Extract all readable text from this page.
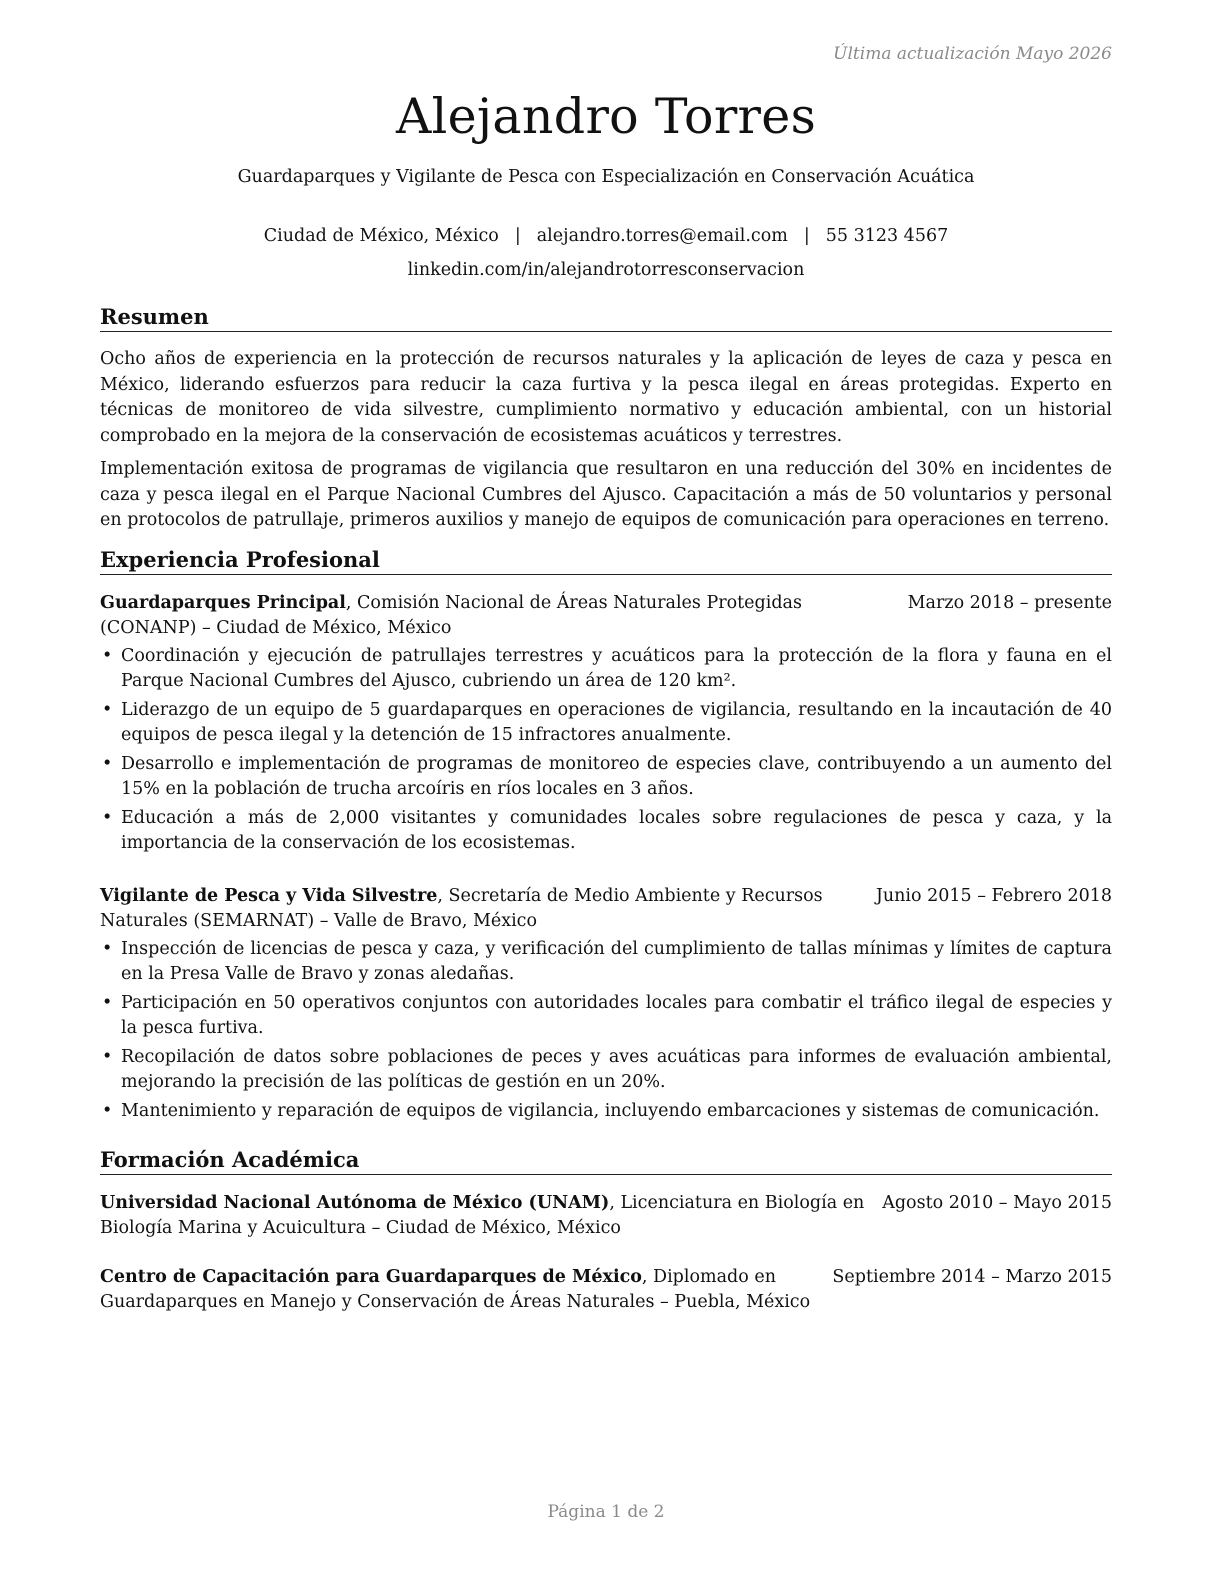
Última actualización Mayo 2026
Alejandro Torres
Guardaparques y Vigilante de Pesca con Especialización en Conservación Acuática
Ciudad de México, México | alejandro.torres@email.com | 55 3123 4567
linkedin.com/in/alejandrotorresconservacion
Resumen

Ocho años de experiencia en la protección de recursos naturales y la aplicación de leyes de caza y pesca en México, liderando esfuerzos para reducir la caza furtiva y la pesca ilegal en áreas protegidas. Experto en técnicas de monitoreo de vida silvestre, cumplimiento normativo y educación ambiental, con un historial comprobado en la mejora de la conservación de ecosistemas acuáticos y terrestres.

Implementación exitosa de programas de vigilancia que resultaron en una reducción del 30% en incidentes de caza y pesca ilegal en el Parque Nacional Cumbres del Ajusco. Capacitación a más de 50 voluntarios y personal en protocolos de patrullaje, primeros auxilios y manejo de equipos de comunicación para operaciones en terreno.

Experiencia Profesional
Marzo 2018 – presente
Guardaparques Principal, Comisión Nacional de Áreas Naturales Protegidas (CONANP) – Ciudad de México, México
• Coordinación y ejecución de patrullajes terrestres y acuáticos para la protección de la flora y fauna en el Parque Nacional Cumbres del Ajusco, cubriendo un área de 120 km².
• Liderazgo de un equipo de 5 guardaparques en operaciones de vigilancia, resultando en la incautación de 40 equipos de pesca ilegal y la detención de 15 infractores anualmente.
• Desarrollo e implementación de programas de monitoreo de especies clave, contribuyendo a un aumento del 15% en la población de trucha arcoíris en ríos locales en 3 años.
• Educación a más de 2,000 visitantes y comunidades locales sobre regulaciones de pesca y caza, y la importancia de la conservación de los ecosistemas.
Junio 2015 – Febrero 2018
Vigilante de Pesca y Vida Silvestre, Secretaría de Medio Ambiente y Recursos Naturales (SEMARNAT) – Valle de Bravo, México
• Inspección de licencias de pesca y caza, y verificación del cumplimiento de tallas mínimas y límites de captura en la Presa Valle de Bravo y zonas aledañas.
• Participación en 50 operativos conjuntos con autoridades locales para combatir el tráfico ilegal de especies y la pesca furtiva.
• Recopilación de datos sobre poblaciones de peces y aves acuáticas para informes de evaluación ambiental, mejorando la precisión de las políticas de gestión en un 20%.
• Mantenimiento y reparación de equipos de vigilancia, incluyendo embarcaciones y sistemas de comunicación.
Formación Académica
Agosto 2010 – Mayo 2015
Universidad Nacional Autónoma de México (UNAM), Licenciatura en Biología en Biología Marina y Acuicultura – Ciudad de México, México
Septiembre 2014 – Marzo 2015
Centro de Capacitación para Guardaparques de México, Diplomado en Guardaparques en Manejo y Conservación de Áreas Naturales – Puebla, México
Página 1 de 2
